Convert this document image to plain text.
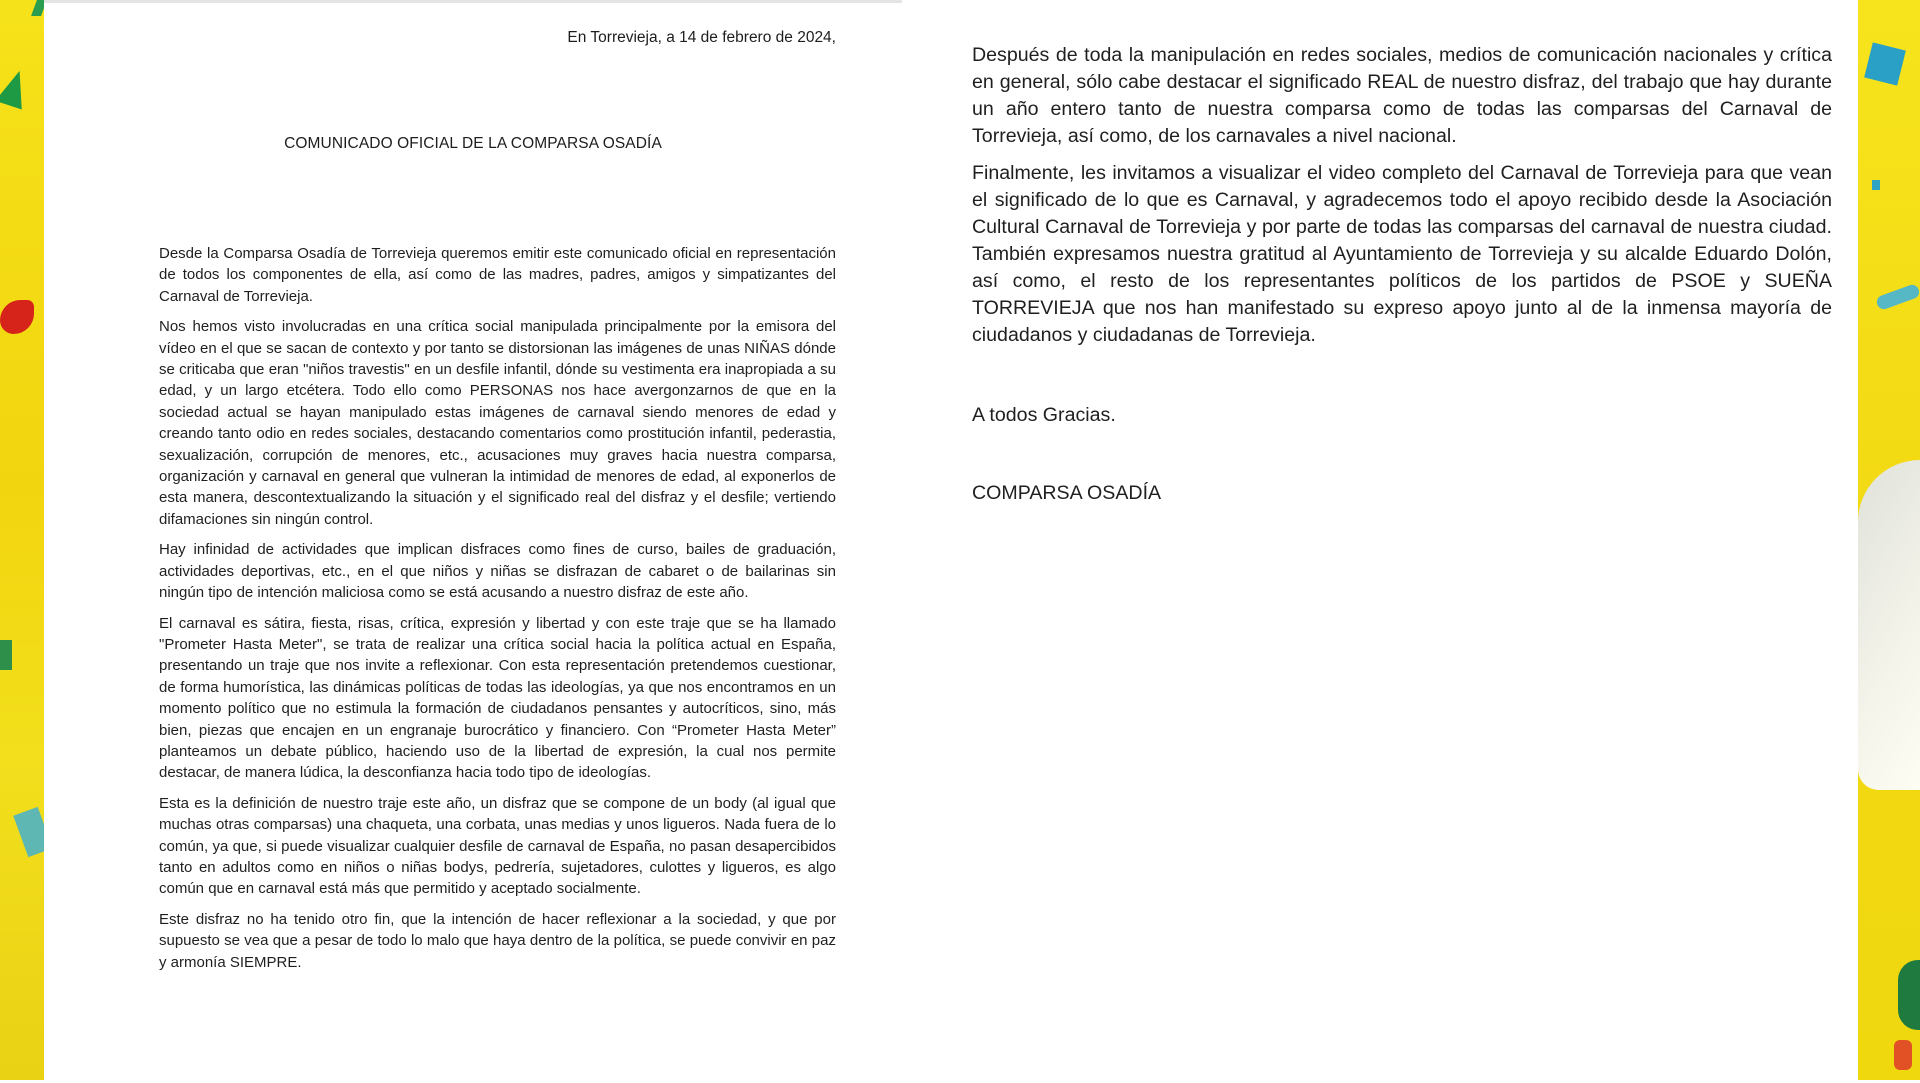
En Torrevieja, a 14 de febrero de 2024,
COMUNICADO OFICIAL DE LA COMPARSA OSADÍA

Desde la Comparsa Osadía de Torrevieja queremos emitir este comunicado oficial en representación de todos los componentes de ella, así como de las madres, padres, amigos y simpatizantes del Carnaval de Torrevieja.

Nos hemos visto involucradas en una crítica social manipulada principalmente por la emisora del vídeo en el que se sacan de contexto y por tanto se distorsionan las imágenes de unas NIÑAS dónde se criticaba que eran "niños travestis" en un desfile infantil, dónde su vestimenta era inapropiada a su edad, y un largo etcétera. Todo ello como PERSONAS nos hace avergonzarnos de que en la sociedad actual se hayan manipulado estas imágenes de carnaval siendo menores de edad y creando tanto odio en redes sociales, destacando comentarios como prostitución infantil, pederastia, sexualización, corrupción de menores, etc., acusaciones muy graves hacia nuestra comparsa, organización y carnaval en general que vulneran la intimidad de menores de edad, al exponerlos de esta manera, descontextualizando la situación y el significado real del disfraz y el desfile; vertiendo difamaciones sin ningún control.

Hay infinidad de actividades que implican disfraces como fines de curso, bailes de graduación, actividades deportivas, etc., en el que niños y niñas se disfrazan de cabaret o de bailarinas sin ningún tipo de intención maliciosa como se está acusando a nuestro disfraz de este año.

El carnaval es sátira, fiesta, risas, crítica, expresión y libertad y con este traje que se ha llamado "Prometer Hasta Meter", se trata de realizar una crítica social hacia la política actual en España, presentando un traje que nos invite a reflexionar. Con esta representación pretendemos cuestionar, de forma humorística, las dinámicas políticas de todas las ideologías, ya que nos encontramos en un momento político que no estimula la formación de ciudadanos pensantes y autocríticos, sino, más bien, piezas que encajen en un engranaje burocrático y financiero. Con “Prometer Hasta Meter” planteamos un debate público, haciendo uso de la libertad de expresión, la cual nos permite destacar, de manera lúdica, la desconfianza hacia todo tipo de ideologías.

Esta es la definición de nuestro traje este año, un disfraz que se compone de un body (al igual que muchas otras comparsas) una chaqueta, una corbata, unas medias y unos ligueros. Nada fuera de lo común, ya que, si puede visualizar cualquier desfile de carnaval de España, no pasan desapercibidos tanto en adultos como en niños o niñas bodys, pedrería, sujetadores, culottes y ligueros, es algo común que en carnaval está más que permitido y aceptado socialmente.

Este disfraz no ha tenido otro fin, que la intención de hacer reflexionar a la sociedad, y que por supuesto se vea que a pesar de todo lo malo que haya dentro de la política, se puede convivir en paz y armonía SIEMPRE.

Después de toda la manipulación en redes sociales, medios de comunicación nacionales y crítica en general, sólo cabe destacar el significado REAL de nuestro disfraz, del trabajo que hay durante un año entero tanto de nuestra comparsa como de todas las comparsas del Carnaval de Torrevieja, así como, de los carnavales a nivel nacional.

Finalmente, les invitamos a visualizar el video completo del Carnaval de Torrevieja para que vean el significado de lo que es Carnaval, y agradecemos todo el apoyo recibido desde la Asociación Cultural Carnaval de Torrevieja y por parte de todas las comparsas del carnaval de nuestra ciudad. También expresamos nuestra gratitud al Ayuntamiento de Torrevieja y su alcalde Eduardo Dolón, así como, el resto de los representantes políticos de los partidos de PSOE y SUEÑA TORREVIEJA que nos han manifestado su expreso apoyo junto al de la inmensa mayoría de ciudadanos y ciudadanas de Torrevieja.

A todos Gracias.
COMPARSA OSADÍA
